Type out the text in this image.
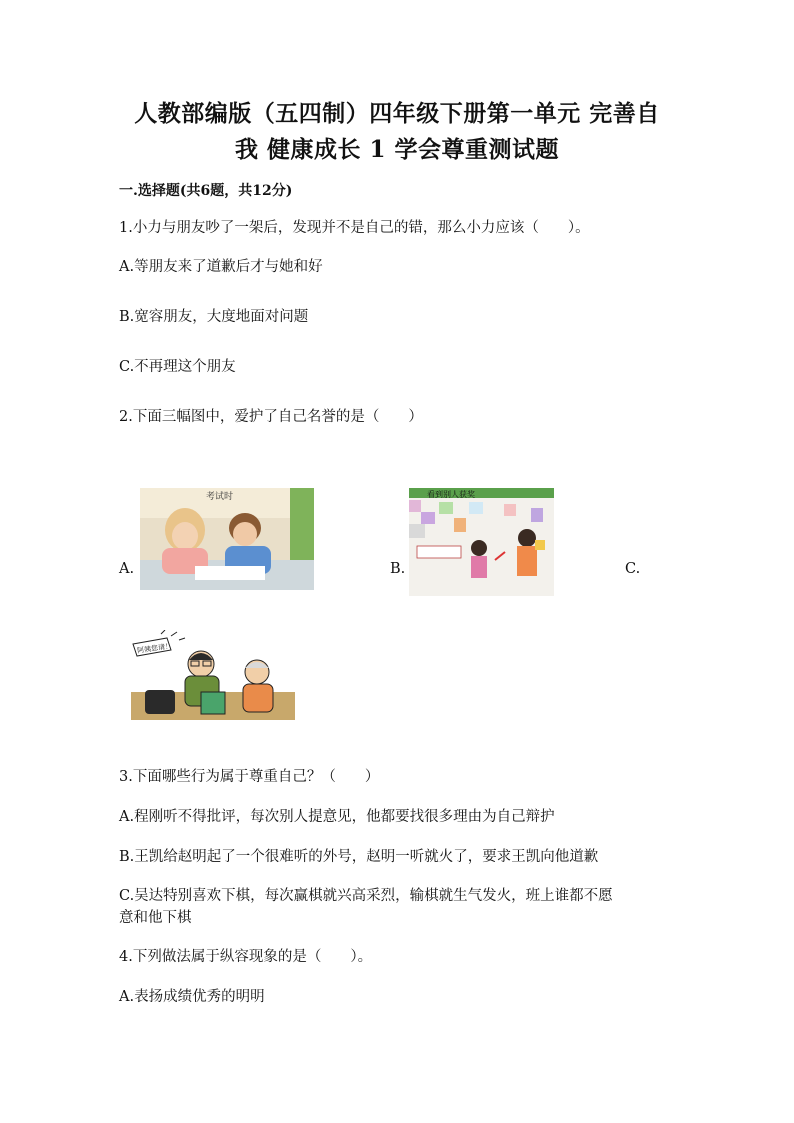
人教部编版（五四制）四年级下册第一单元 完善自
我 健康成长 1 学会尊重测试题
一.选择题(共6题，共12分)
1.小力与朋友吵了一架后，发现并不是自己的错，那么小力应该（　　）。
A.等朋友来了道歉后才与她和好
B.宽容朋友，大度地面对问题
C.不再理这个朋友
2.下面三幅图中，爱护了自己名誉的是（　　）
A.
考试时
B.
看到别人获奖
C.
阿姨您请！
3.下面哪些行为属于尊重自己？（　　）
A.程刚听不得批评，每次别人提意见，他都要找很多理由为自己辩护
B.王凯给赵明起了一个很难听的外号，赵明一听就火了，要求王凯向他道歉
C.吴达特别喜欢下棋，每次赢棋就兴高采烈，输棋就生气发火，班上谁都不愿
意和他下棋
4.下列做法属于纵容现象的是（　　）。
A.表扬成绩优秀的明明
